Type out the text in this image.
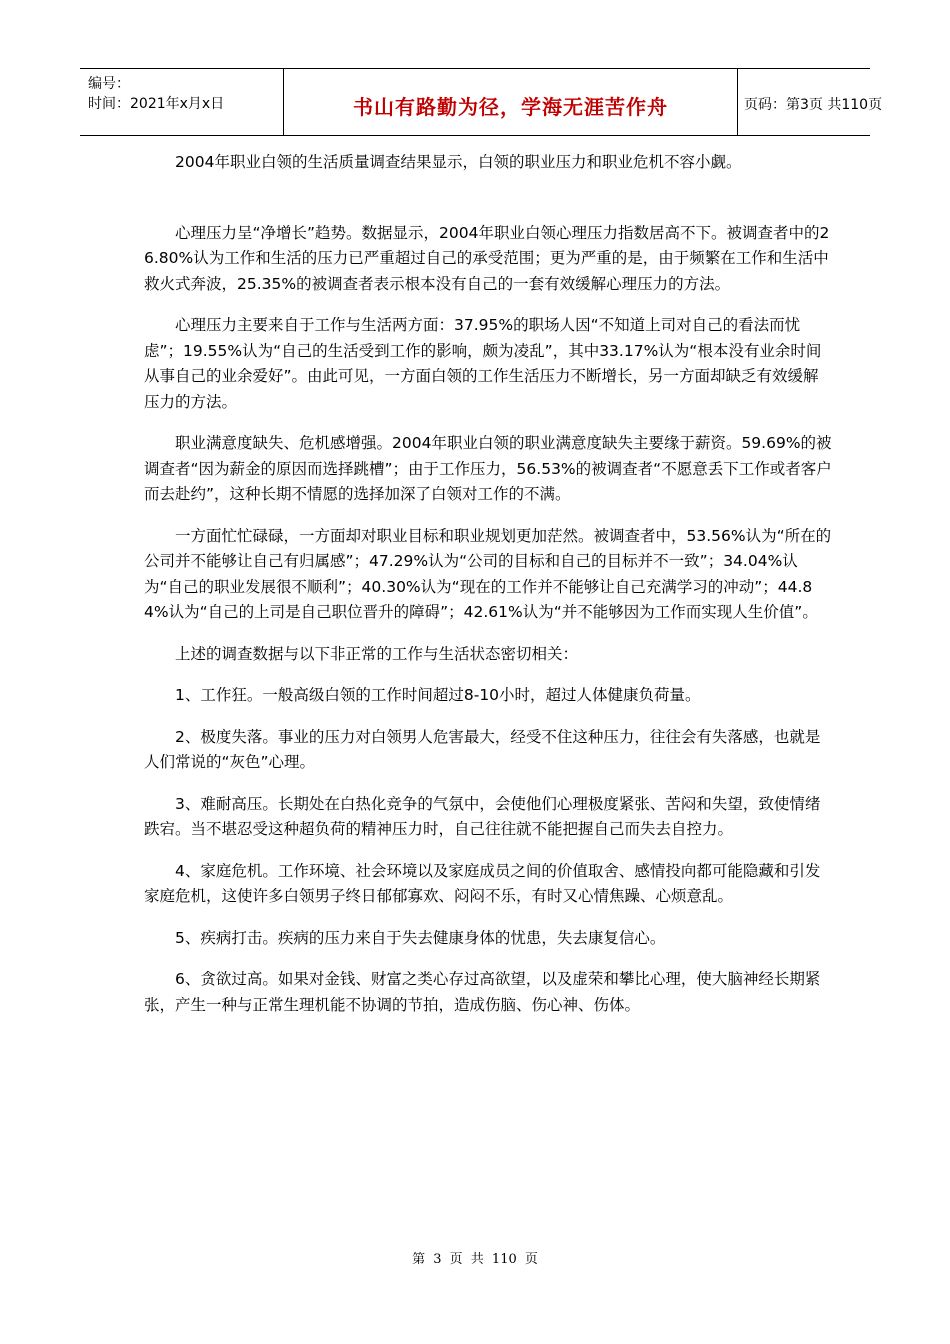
编号：
时间：2021年x月x日	书山有路勤为径，学海无涯苦作舟	页码：第3页 共110页

2004年职业白领的生活质量调查结果显示，白领的职业压力和职业危机不容小觑。

心理压力呈“净增长”趋势。数据显示，2004年职业白领心理压力指数居高不下。被调查者中的26.80%认为工作和生活的压力已严重超过自己的承受范围；更为严重的是，由于频繁在工作和生活中救火式奔波，25.35%的被调查者表示根本没有自己的一套有效缓解心理压力的方法。

心理压力主要来自于工作与生活两方面：37.95%的职场人因“不知道上司对自己的看法而忧虑”；19.55%认为“自己的生活受到工作的影响，颇为凌乱”，其中33.17%认为“根本没有业余时间从事自己的业余爱好”。由此可见，一方面白领的工作生活压力不断增长，另一方面却缺乏有效缓解压力的方法。

职业满意度缺失、危机感增强。2004年职业白领的职业满意度缺失主要缘于薪资。59.69%的被调查者“因为薪金的原因而选择跳槽”；由于工作压力，56.53%的被调查者“不愿意丢下工作或者客户而去赴约”，这种长期不情愿的选择加深了白领对工作的不满。

一方面忙忙碌碌，一方面却对职业目标和职业规划更加茫然。被调查者中，53.56%认为“所在的公司并不能够让自己有归属感”；47.29%认为“公司的目标和自己的目标并不一致”；34.04%认为“自己的职业发展很不顺利”；40.30%认为“现在的工作并不能够让自己充满学习的冲动”；44.84%认为“自己的上司是自己职位晋升的障碍”；42.61%认为“并不能够因为工作而实现人生价值”。

上述的调查数据与以下非正常的工作与生活状态密切相关：

1、工作狂。一般高级白领的工作时间超过8-10小时，超过人体健康负荷量。

2、极度失落。事业的压力对白领男人危害最大，经受不住这种压力，往往会有失落感，也就是人们常说的“灰色”心理。

3、难耐高压。长期处在白热化竞争的气氛中，会使他们心理极度紧张、苦闷和失望，致使情绪跌宕。当不堪忍受这种超负荷的精神压力时，自己往往就不能把握自己而失去自控力。

4、家庭危机。工作环境、社会环境以及家庭成员之间的价值取舍、感情投向都可能隐藏和引发家庭危机，这使许多白领男子终日郁郁寡欢、闷闷不乐，有时又心情焦躁、心烦意乱。

5、疾病打击。疾病的压力来自于失去健康身体的忧患，失去康复信心。

6、贪欲过高。如果对金钱、财富之类心存过高欲望，以及虚荣和攀比心理，使大脑神经长期紧张，产生一种与正常生理机能不协调的节拍，造成伤脑、伤心神、伤体。

第 3 页 共 110 页
